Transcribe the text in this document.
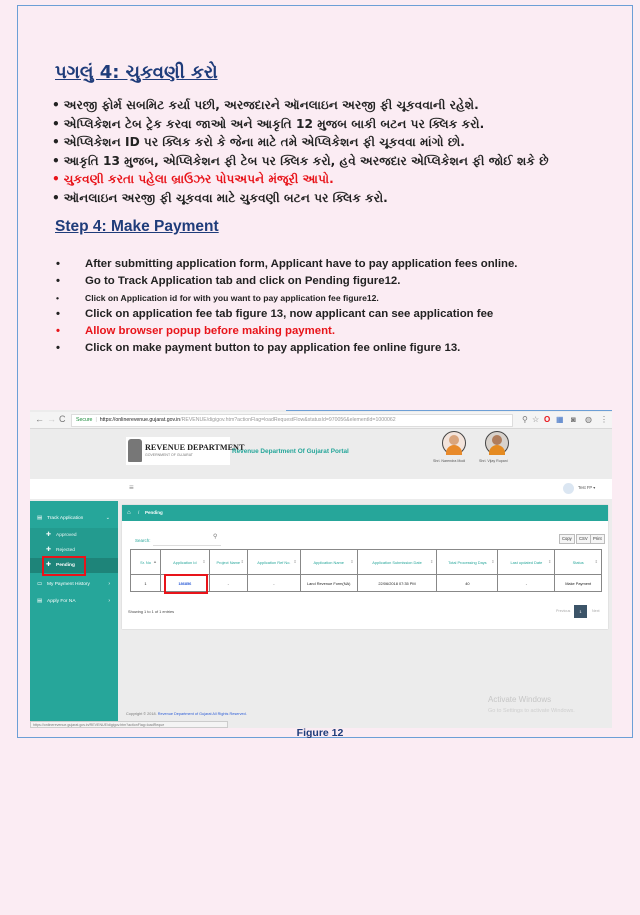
પગલું 4: ચુકવણી કરો
• અરજી ફોર્મ સબમિટ કર્યા પછી, અરજદારને ઑનલાઇન અરજી ફી ચૂકવવાની રહેશે.
• એપ્લિકેશન ટેબ ટ્રેક કરવા જાઓ અને આકૃતિ 12 મુજબ બાકી બટન પર ક્લિક કરો.
• એપ્લિકેશન ID પર ક્લિક કરો કે જેના માટે તમે એપ્લિકેશન ફી ચૂકવવા માંગો છો.
• આકૃતિ 13 મુજબ, એપ્લિકેશન ફી ટેબ પર ક્લિક કરો, હવે અરજદાર એપ્લિકેશન ફી જોઈ શકે છે
• ચુકવણી કરતા પહેલા બ્રાઉઝર પોપઅપને મંજૂરી આપો.
• ઑનલાઇન અરજી ફી ચૂકવવા માટે ચુકવણી બટન પર ક્લિક કરો.
Step 4: Make Payment
• After submitting application form, Applicant have to pay application fees online.
• Go to Track Application tab and click on Pending figure12.
•	Click on Application id for with you want to pay application fee figure12.
• Click on application fee tab figure 13, now applicant can see application fee
• Allow browser popup before making payment.
• Click on make payment button to pay application fee online figure 13.
← → C	Secure | https://onlinerevenue.gujarat.gov.in/REVENUE/digigov.htm?actionFlag=loadRequestFlow&statusId=970056&elementId=1000062	⚲ ☆ O ▦ ◙ ◍ ⋮
REVENUE DEPARTMENT
GOVERNMENT OF GUJARAT	Revenue Department Of Gujarat Portal
Shri. Narendra Modi	Shri. Vijay Rupani
≡	Test FP ▾
▤ Track Application	⌄
✚ Approved
✚ Rejected
✚ Pending
▭ My Payment History	›
▤ Apply For NA	›
⌂ / Pending
Search:
⚲	Copy	CSV	Print
Sr. No ▲	Application Id ⇕	Project Name ⇕	Application Ref No. ⇕	Application Name ⇕	Application Submission Date ⇕	Total Processing Days ⇕	Last updated Date ⇕	Status ⇕

1	186856	-	-	Land Revenue Form(NA)	22/06/2018 07:35 PM	40	-	Make Payment
Showing 1 to 1 of 1 entries	Previous	1	Next
Activate Windows
Go to Settings to activate Windows.
Copyright © 2018. Revenue Department of Gujarat All Rights Reserved.
https://onlinerevenue.gujarat.gov.in/REVENUE/digigov.htm?actionFlag=loadReque
Figure 12
